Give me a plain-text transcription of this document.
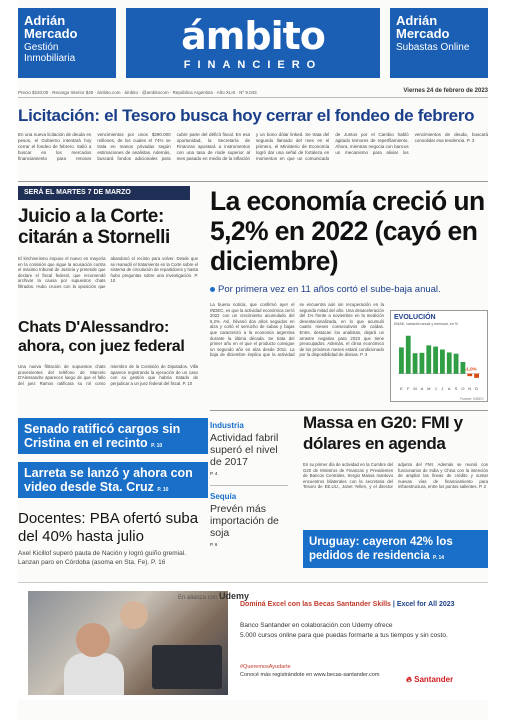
Adrián
Mercado
Gestión Inmobiliaria
ámbito
FINANCIERO
Adrián
Mercado
Subastas Online
Precio $220,00 · Recargo Interior $40 · ámbito.com · ámbito · @ambitocom · República Argentina · Año XLIII · Nº 9.043	Viernes 24 de febrero de 2023
Licitación: el Tesoro busca hoy cerrar el fondeo de febrero
En una nueva licitación de deuda en pesos, el Gobierno intentará hoy cerrar el fondeo de febrero. Salió a buscar en los mercados financiamiento para renovar vencimientos por unos $290.000 millones, de los cuales el 74% se trata en manos privadas según estimaciones de analistas. Además, buscará fondos adicionales para cubrir parte del déficit fiscal. En esa oportunidad, la Secretaría de Finanzas apostará a instrumentos con una tasa de rinde superior al mes pasado en medio de la inflación y un bono dólar linked. Se trata del segundo llamado del mes en el primero, el Ministerio de Economía logró dar una señal de fortaleza en momentos en que un comunicado de Juntos por el Cambio habló agitado temores de reperfilamiento. Ahora, mientras negocia con bancos un mecanismo para aliviar los vencimientos de deuda, buscará consolidar esa tendencia. P. 3
SERÁ EL MARTES 7 DE MARZO
Juicio a la Corte: citarán a Stornelli
El kirchnerismo impuso el nuevo en mayoría en la comisión que sigue la acusación contra el máximo tribunal de Justicia y pretende que declare el fiscal federal, que recomendó archivar la causa por supuestos chats filtrados. Hubo cruces con la oposición que abandonó el recinto para volver. Desde que se reanudó el tratamiento en la Corte sobre el sistema de circulación de repartidores y hasta hubo preguntas sobre una investigación. P. 10
Chats D'Alessandro: ahora, con juez federal
Una nueva filtración de supuestos chats provenientes del teléfono de Marcelo D'Alessandro aparecen luego de que el fallo del juez Ramos ratificara su rol como miembro de la Comisión de Diputados. Villa aparece registrando la ejecución de un caso con su gestión que habría tratado de perjudicar a un juez federal del fiscal. P. 10
Senado ratificó cargos sin Cristina en el recinto P. 10
Larreta se lanzó y ahora con video desde Sta. Cruz P. 10
Docentes: PBA ofertó suba del 40% hasta julio
Axel Kicillof superó pauta de Nación y logró guiño gremial. Lanzan paro en Córdoba (asoma en Sta. Fe). P. 16
La economía creció un 5,2% en 2022 (cayó en diciembre)
Por primera vez en 11 años cortó el sube-baja anual.
La buena noticia, que confirmó ayer el INDEC, es que la actividad económica cerró 2022 con un crecimiento acumulado del 5,2%. Así, hilvanó dos años seguidos en alza y cortó el serrucho de subas y bajas que caracterizó a la economía argentina durante la última década. Se trata del primer año en el que el producto consigue un segundo año en alza desde 2011. La baja de diciembre implica que la actividad se encuentra aún sin recuperación en la segunda mitad del año. Una desaceleración del 1% frente a noviembre en la medición desestacionalizada, en lo que acumuló cuatro meses consecutivos de caídas. Entre, destacan los analistas, dejará un arrastre negativo para 2023 que tiene preocupados. Además, el clima económico de los próximos meses estará condicionado por la disponibilidad de divisas. P. 3
EVOLUCIÓN
EMAE, variación anual y mensual, en %
E F M A M J J A S O N D
-1,0%
Fuente: INDEC
Industria
Actividad fabril superó el nivel de 2017
P. 4
Sequía
Prevén más importación de soja
P. 6
Massa en G20: FMI y dólares en agenda
En su primer día de actividad en la Cumbre del G20 de Ministros de Finanzas y Presidentes de Bancos Centrales, Sergio Massa mantuvo encuentros bilaterales con la secretaria del Tesoro de EE.UU., Janet Yellen, y el director adjunto del FMI. Además se reunió con funcionarios de India y China con la intención de ampliar las líneas de crédito y sumar nuevas vías de financiamiento para infraestructura, entre los puntos salientes. P. 2
Uruguay: cayeron 42% los pedidos de residencia P. 14
En alianza con Udemy
Dominá Excel con las Becas Santander Skills | Excel for All 2023
Banco Santander en colaboración con Udemy ofrece
5.000 cursos online para que puedas formarte a tus tiempos y sin costo.
#QueremosAyudarte
Conocé más registrándote en www.becas-santander.com	🔥︎ Santander
